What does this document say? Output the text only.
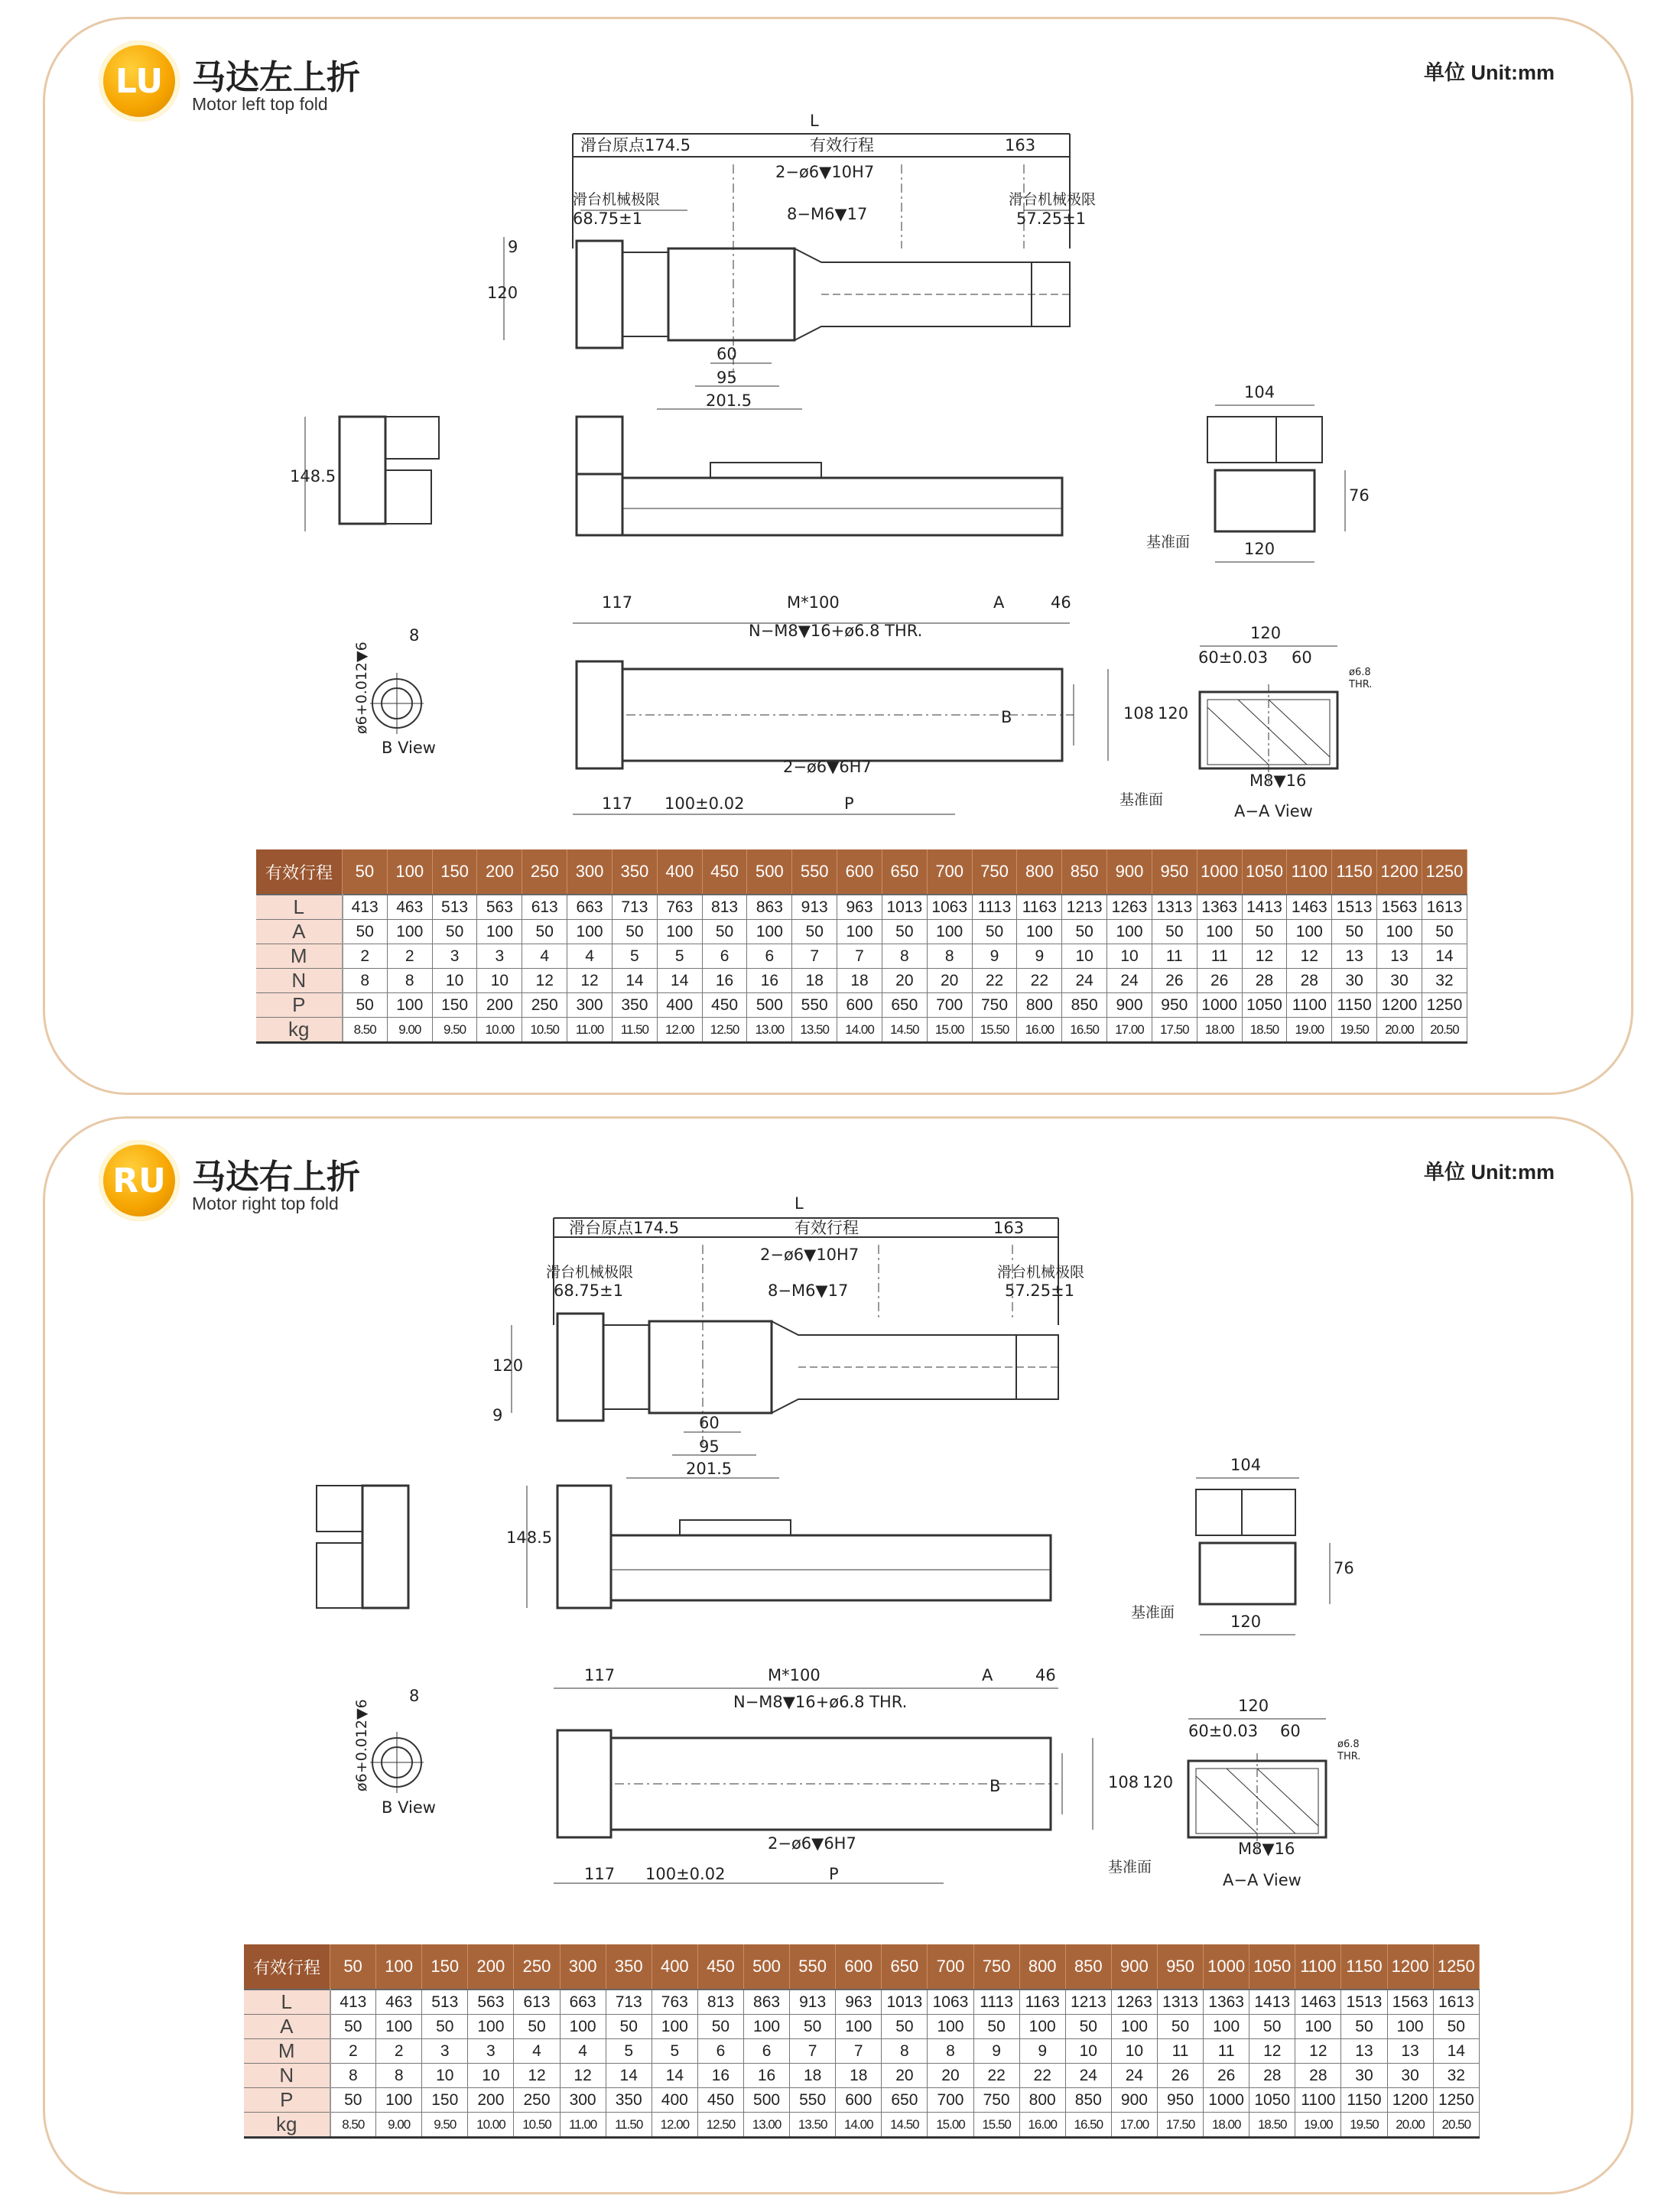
LU 马达左上折
Motor left top fold
单位 Unit:mm
L
滑台原点174.5	有效行程	163
2−ø6▼10H7
滑台机械极限
68.75±1	8−M6▼17
滑台机械极限
57.25±1
9
120
60
95
201.5
148.5
104
76
基准面	120
117	M*100	A	46
N−M8▼16+ø6.8 THR.
108 120
2−ø6▼6H7
117 100±0.02	P
B
8
ø6+0.012▼6
B View
120
60±0.03 60
ø6.8
THR.
M8▼16
基准面
A−A View
有效行程	50	100	150	200	250	300	350	400	450	500	550	600	650	700	750	800	850	900	950	1000	1050	1100	1150	1200	1250
L	413	463	513	563	613	663	713	763	813	863	913	963	1013	1063	1113	1163	1213	1263	1313	1363	1413	1463	1513	1563	1613
A	50	100	50	100	50	100	50	100	50	100	50	100	50	100	50	100	50	100	50	100	50	100	50	100	50
M	2	2	3	3	4	4	5	5	6	6	7	7	8	8	9	9	10	10	11	11	12	12	13	13	14
N	8	8	10	10	12	12	14	14	16	16	18	18	20	20	22	22	24	24	26	26	28	28	30	30	32
P	50	100	150	200	250	300	350	400	450	500	550	600	650	700	750	800	850	900	950	1000	1050	1100	1150	1200	1250
kg	8.50	9.00	9.50	10.00	10.50	11.00	11.50	12.00	12.50	13.00	13.50	14.00	14.50	15.00	15.50	16.00	16.50	17.00	17.50	18.00	18.50	19.00	19.50	20.00	20.50
RU 马达右上折
Motor right top fold
单位 Unit:mm
L
滑台原点174.5	有效行程	163
2−ø6▼10H7
滑台机械极限
68.75±1	8−M6▼17
滑台机械极限
57.25±1
120
9	60
95
201.5
148.5
104
76
基准面	120
117	M*100	A	46
N−M8▼16+ø6.8 THR.
108 120
2−ø6▼6H7
117 100±0.02	P
B
8
ø6+0.012▼6
B View
120
60±0.03 60
ø6.8
THR.
M8▼16
基准面
A−A View
有效行程	50	100	150	200	250	300	350	400	450	500	550	600	650	700	750	800	850	900	950	1000	1050	1100	1150	1200	1250
L	413	463	513	563	613	663	713	763	813	863	913	963	1013	1063	1113	1163	1213	1263	1313	1363	1413	1463	1513	1563	1613
A	50	100	50	100	50	100	50	100	50	100	50	100	50	100	50	100	50	100	50	100	50	100	50	100	50
M	2	2	3	3	4	4	5	5	6	6	7	7	8	8	9	9	10	10	11	11	12	12	13	13	14
N	8	8	10	10	12	12	14	14	16	16	18	18	20	20	22	22	24	24	26	26	28	28	30	30	32
P	50	100	150	200	250	300	350	400	450	500	550	600	650	700	750	800	850	900	950	1000	1050	1100	1150	1200	1250
kg	8.50	9.00	9.50	10.00	10.50	11.00	11.50	12.00	12.50	13.00	13.50	14.00	14.50	15.00	15.50	16.00	16.50	17.00	17.50	18.00	18.50	19.00	19.50	20.00	20.50
